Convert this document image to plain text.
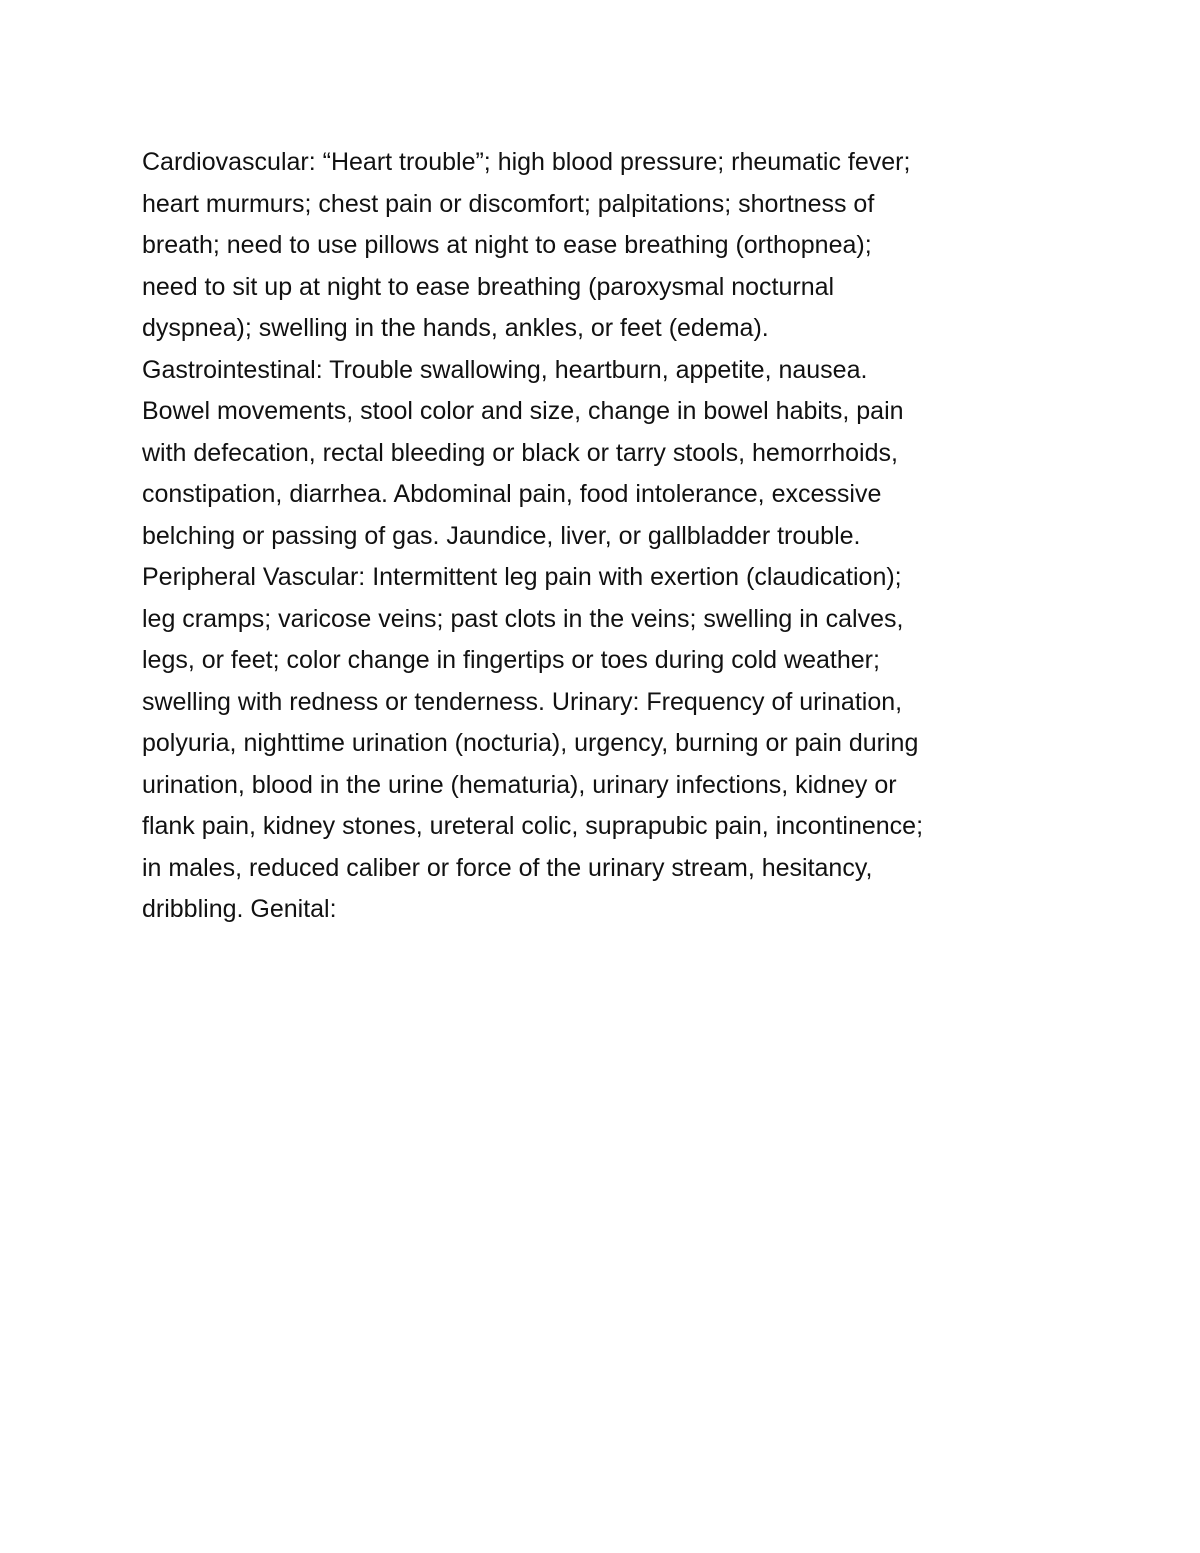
Cardiovascular: “Heart trouble”; high blood pressure; rheumatic fever;
heart murmurs; chest pain or discomfort; palpitations; shortness of
breath; need to use pillows at night to ease breathing (orthopnea);
need to sit up at night to ease breathing (paroxysmal nocturnal
dyspnea); swelling in the hands, ankles, or feet (edema).
Gastrointestinal: Trouble swallowing, heartburn, appetite, nausea.
Bowel movements, stool color and size, change in bowel habits, pain
with defecation, rectal bleeding or black or tarry stools, hemorrhoids,
constipation, diarrhea. Abdominal pain, food intolerance, excessive
belching or passing of gas. Jaundice, liver, or gallbladder trouble.
Peripheral Vascular: Intermittent leg pain with exertion (claudication);
leg cramps; varicose veins; past clots in the veins; swelling in calves,
legs, or feet; color change in fingertips or toes during cold weather;
swelling with redness or tenderness. Urinary: Frequency of urination,
polyuria, nighttime urination (nocturia), urgency, burning or pain during
urination, blood in the urine (hematuria), urinary infections, kidney or
flank pain, kidney stones, ureteral colic, suprapubic pain, incontinence;
in males, reduced caliber or force of the urinary stream, hesitancy,
dribbling. Genital:
